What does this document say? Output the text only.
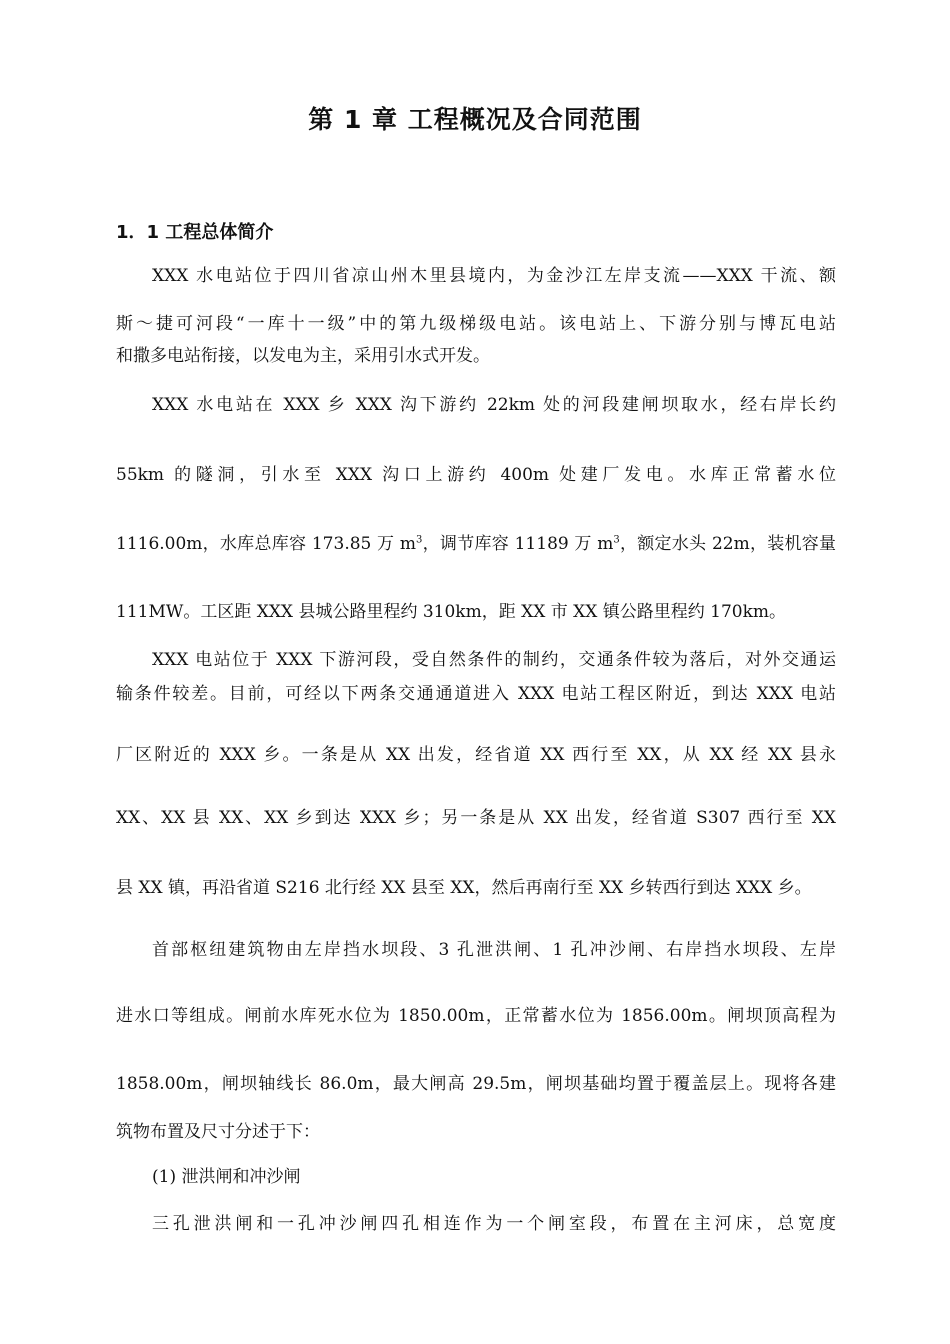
第 1 章 工程概况及合同范围
1．1 工程总体简介
XXX 水电站位于四川省凉山州木里县境内，为金沙江左岸支流——XXX 干流、额
斯～捷可河段“一库十一级”中的第九级梯级电站。该电站上、下游分别与博瓦电站
和撒多电站衔接，以发电为主，采用引水式开发。
XXX 水电站在 XXX 乡 XXX 沟下游约 22km 处的河段建闸坝取水，经右岸长约
55km 的隧洞，引水至 XXX 沟口上游约 400m 处建厂发电。水库正常蓄水位
1116.00m，水库总库容 173.85 万 $m^3$，调节库容 11189 万 $m^3$，额定水头 22m，装机容量
111MW。工区距 XXX 县城公路里程约 310km，距 XX 市 XX 镇公路里程约 170km。
XXX 电站位于 XXX 下游河段，受自然条件的制约，交通条件较为落后，对外交通运
输条件较差。目前，可经以下两条交通通道进入 XXX 电站工程区附近，到达 XXX 电站
厂区附近的 XXX 乡。一条是从 XX 出发，经省道 XX 西行至 XX，从 XX 经 XX 县永
XX、XX 县 XX、XX 乡到达 XXX 乡；另一条是从 XX 出发，经省道 S307 西行至 XX
县 XX 镇，再沿省道 S216 北行经 XX 县至 XX，然后再南行至 XX 乡转西行到达 XXX 乡。
首部枢纽建筑物由左岸挡水坝段、3 孔泄洪闸、1 孔冲沙闸、右岸挡水坝段、左岸
进水口等组成。闸前水库死水位为 1850.00m，正常蓄水位为 1856.00m。闸坝顶高程为
1858.00m，闸坝轴线长 86.0m，最大闸高 29.5m，闸坝基础均置于覆盖层上。现将各建
筑物布置及尺寸分述于下：
(1) 泄洪闸和冲沙闸
三孔泄洪闸和一孔冲沙闸四孔相连作为一个闸室段，布置在主河床，总宽度
